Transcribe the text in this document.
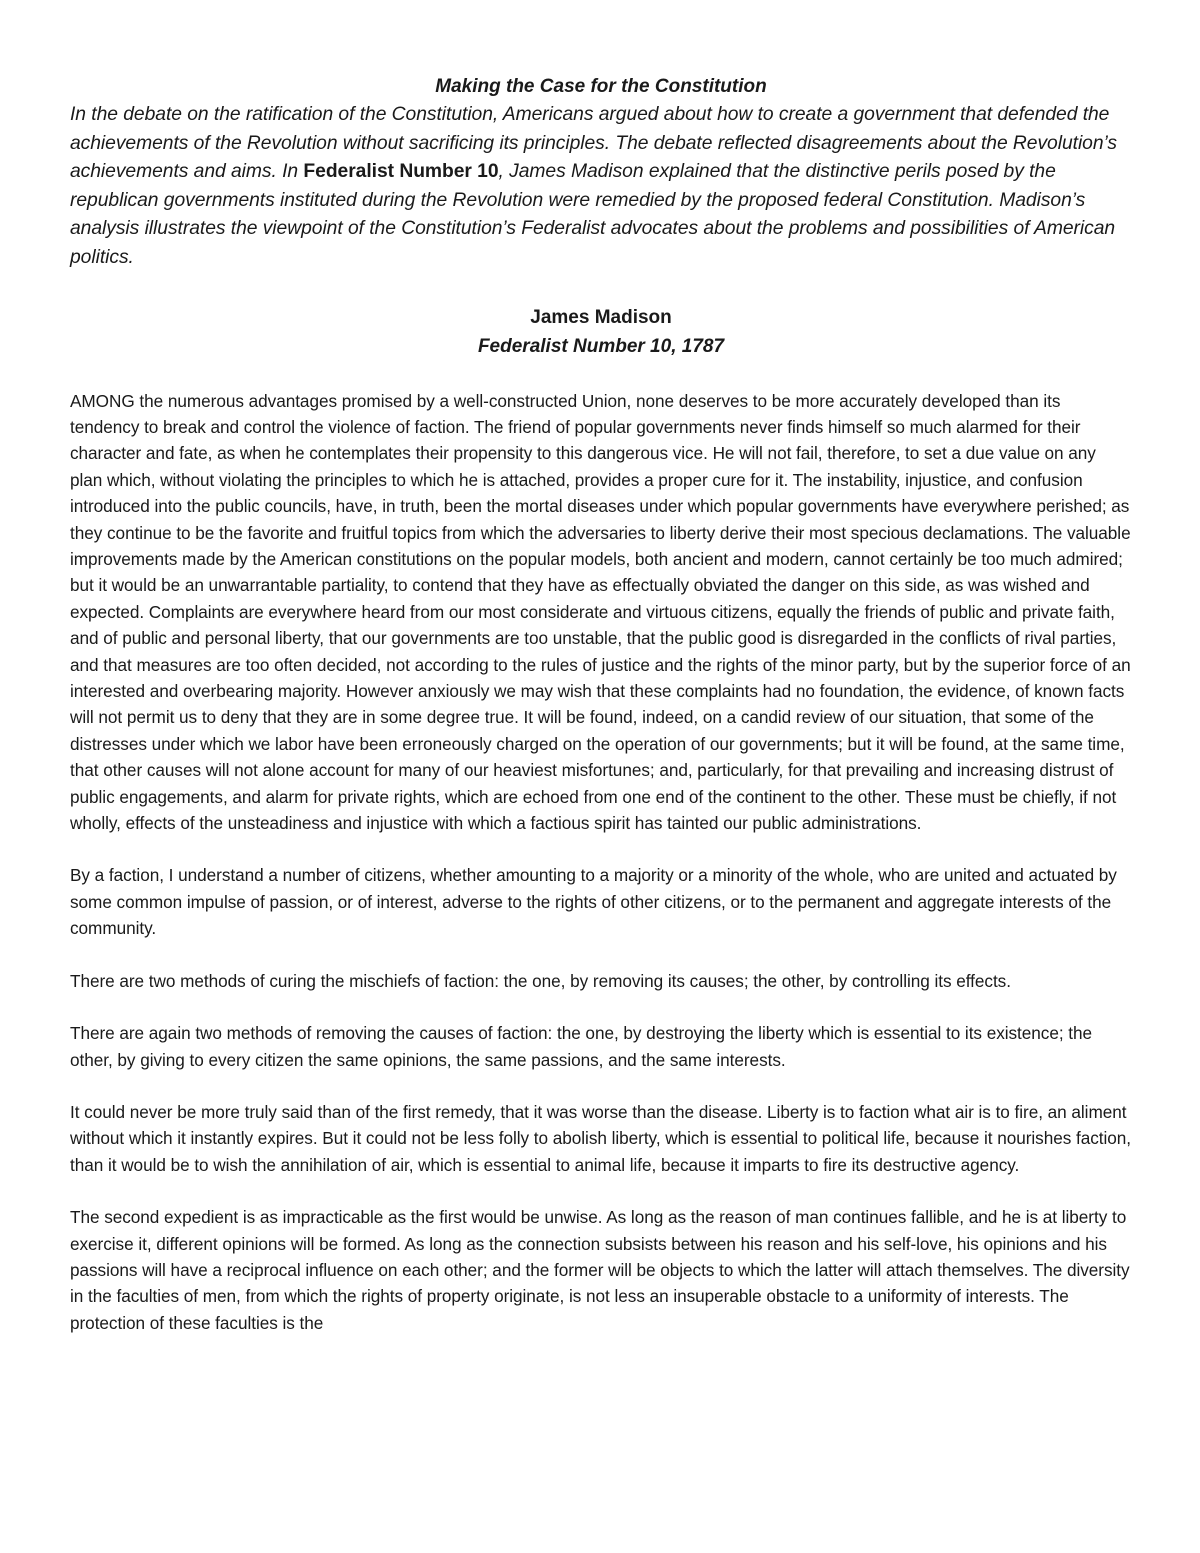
Making the Case for the Constitution

In the debate on the ratification of the Constitution, Americans argued about how to create a government that defended the achievements of the Revolution without sacrificing its principles. The debate reflected disagreements about the Revolution’s achievements and aims. In Federalist Number 10, James Madison explained that the distinctive perils posed by the republican governments instituted during the Revolution were remedied by the proposed federal Constitution. Madison’s analysis illustrates the viewpoint of the Constitution’s Federalist advocates about the problems and possibilities of American politics.

James Madison
Federalist Number 10, 1787

AMONG the numerous advantages promised by a well-constructed Union, none deserves to be more accurately developed than its tendency to break and control the violence of faction. The friend of popular governments never finds himself so much alarmed for their character and fate, as when he contemplates their propensity to this dangerous vice. He will not fail, therefore, to set a due value on any plan which, without violating the principles to which he is attached, provides a proper cure for it. The instability, injustice, and confusion introduced into the public councils, have, in truth, been the mortal diseases under which popular governments have everywhere perished; as they continue to be the favorite and fruitful topics from which the adversaries to liberty derive their most specious declamations. The valuable improvements made by the American constitutions on the popular models, both ancient and modern, cannot certainly be too much admired; but it would be an unwarrantable partiality, to contend that they have as effectually obviated the danger on this side, as was wished and expected. Complaints are everywhere heard from our most considerate and virtuous citizens, equally the friends of public and private faith, and of public and personal liberty, that our governments are too unstable, that the public good is disregarded in the conflicts of rival parties, and that measures are too often decided, not according to the rules of justice and the rights of the minor party, but by the superior force of an interested and overbearing majority. However anxiously we may wish that these complaints had no foundation, the evidence, of known facts will not permit us to deny that they are in some degree true. It will be found, indeed, on a candid review of our situation, that some of the distresses under which we labor have been erroneously charged on the operation of our governments; but it will be found, at the same time, that other causes will not alone account for many of our heaviest misfortunes; and, particularly, for that prevailing and increasing distrust of public engagements, and alarm for private rights, which are echoed from one end of the continent to the other. These must be chiefly, if not wholly, effects of the unsteadiness and injustice with which a factious spirit has tainted our public administrations.

By a faction, I understand a number of citizens, whether amounting to a majority or a minority of the whole, who are united and actuated by some common impulse of passion, or of interest, adverse to the rights of other citizens, or to the permanent and aggregate interests of the community.

There are two methods of curing the mischiefs of faction: the one, by removing its causes; the other, by controlling its effects.

There are again two methods of removing the causes of faction: the one, by destroying the liberty which is essential to its existence; the other, by giving to every citizen the same opinions, the same passions, and the same interests.

It could never be more truly said than of the first remedy, that it was worse than the disease. Liberty is to faction what air is to fire, an aliment without which it instantly expires. But it could not be less folly to abolish liberty, which is essential to political life, because it nourishes faction, than it would be to wish the annihilation of air, which is essential to animal life, because it imparts to fire its destructive agency.

The second expedient is as impracticable as the first would be unwise. As long as the reason of man continues fallible, and he is at liberty to exercise it, different opinions will be formed. As long as the connection subsists between his reason and his self-love, his opinions and his passions will have a reciprocal influence on each other; and the former will be objects to which the latter will attach themselves. The diversity in the faculties of men, from which the rights of property originate, is not less an insuperable obstacle to a uniformity of interests. The protection of these faculties is the
